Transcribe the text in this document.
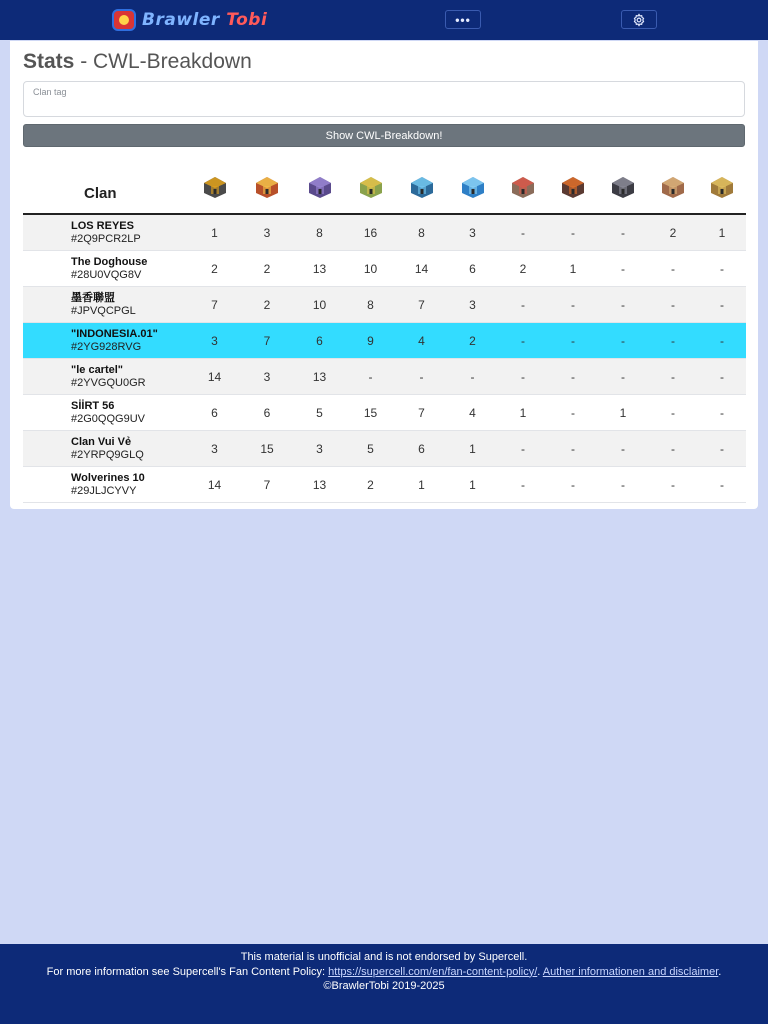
Brawler Tobi	•••
Stats - CWL-Breakdown
Clan tag
Show CWL-Breakdown!
Clan											

LOS REYES
#2Q9PCR2LP	1	3	8	16	8	3	-	-	-	2	1

The Doghouse
#28U0VQG8V	2	2	13	10	14	6	2	1	-	-	-

墨香聯盟
#JPVQCPGL	7	2	10	8	7	3	-	-	-	-	-

"INDONESIA.01"
#2YG928RVG	3	7	6	9	4	2	-	-	-	-	-

"le cartel"
#2YVGQU0GR	14	3	13	-	-	-	-	-	-	-	-

SİİRT 56
#2G0QQG9UV	6	6	5	15	7	4	1	-	1	-	-

Clan Vui Vẻ
#2YRPQ9GLQ	3	15	3	5	6	1	-	-	-	-	-

Wolverines 10
#29JLJCYVY	14	7	13	2	1	1	-	-	-	-	-

This material is unofficial and is not endorsed by Supercell.

For more information see Supercell's Fan Content Policy: https://supercell.com/en/fan-content-policy/. Auther informationen and disclaimer.

©BrawlerTobi 2019-2025
